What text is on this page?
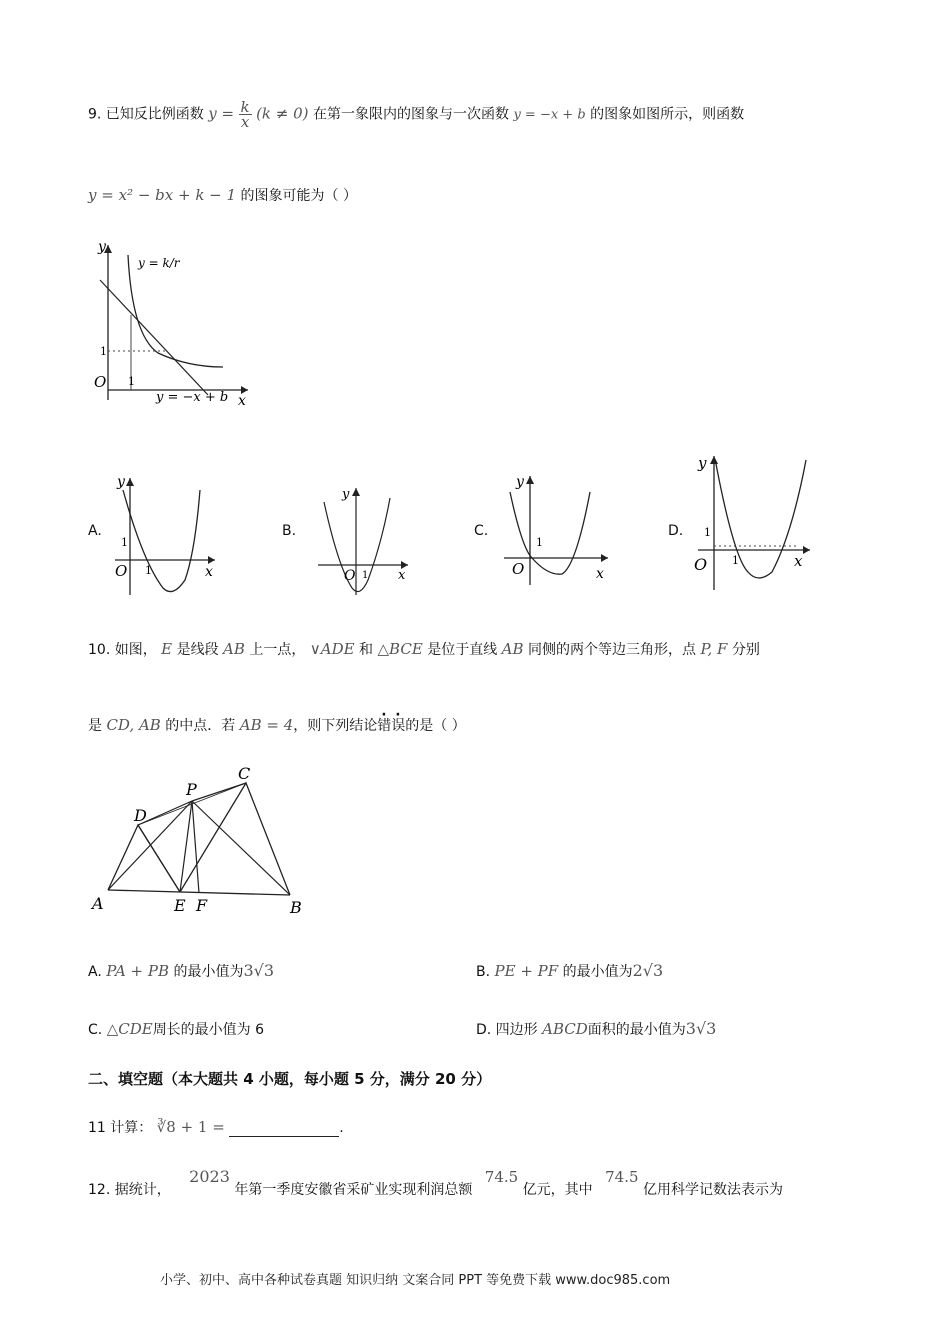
9. 已知反比例函数 $y = \frac{k}{x} (k \ne 0)$ 在第一象限内的图象与一次函数 y = −x + b 的图象如图所示，则函数
y = x² − bx + k − 1 的图象可能为（ ）
y
x
O
1
1
y = k/r
y = −x + b
A.
y
x
O
1
1
B.
y
x
O 1
C.
y
x
O
1
D.
y
x
O
1
1
10. 如图， E 是线段 AB 上一点， ∨ADE 和 △BCE 是位于直线 AB 同侧的两个等边三角形，点 P, F 分别
是 CD, AB 的中点．若 AB = 4，则下列结论错误的是（ ）
A	B
C
D
E F
P
A. PA + PB 的最小值为3√3	B. PE + PF 的最小值为2√3
C. △CDE周长的最小值为 6	D. 四边形 ABCD面积的最小值为3√3
二、填空题（本大题共 4 小题，每小题 5 分，满分 20 分）
11 计算： ∛8 + 1 =	.
12. 据统计， 2023 年第一季度安徽省采矿业实现利润总额 74.5 亿元，其中 74.5 亿用科学记数法表示为
小学、初中、高中各种试卷真题 知识归纳 文案合同 PPT 等免费下载 www.doc985.com
